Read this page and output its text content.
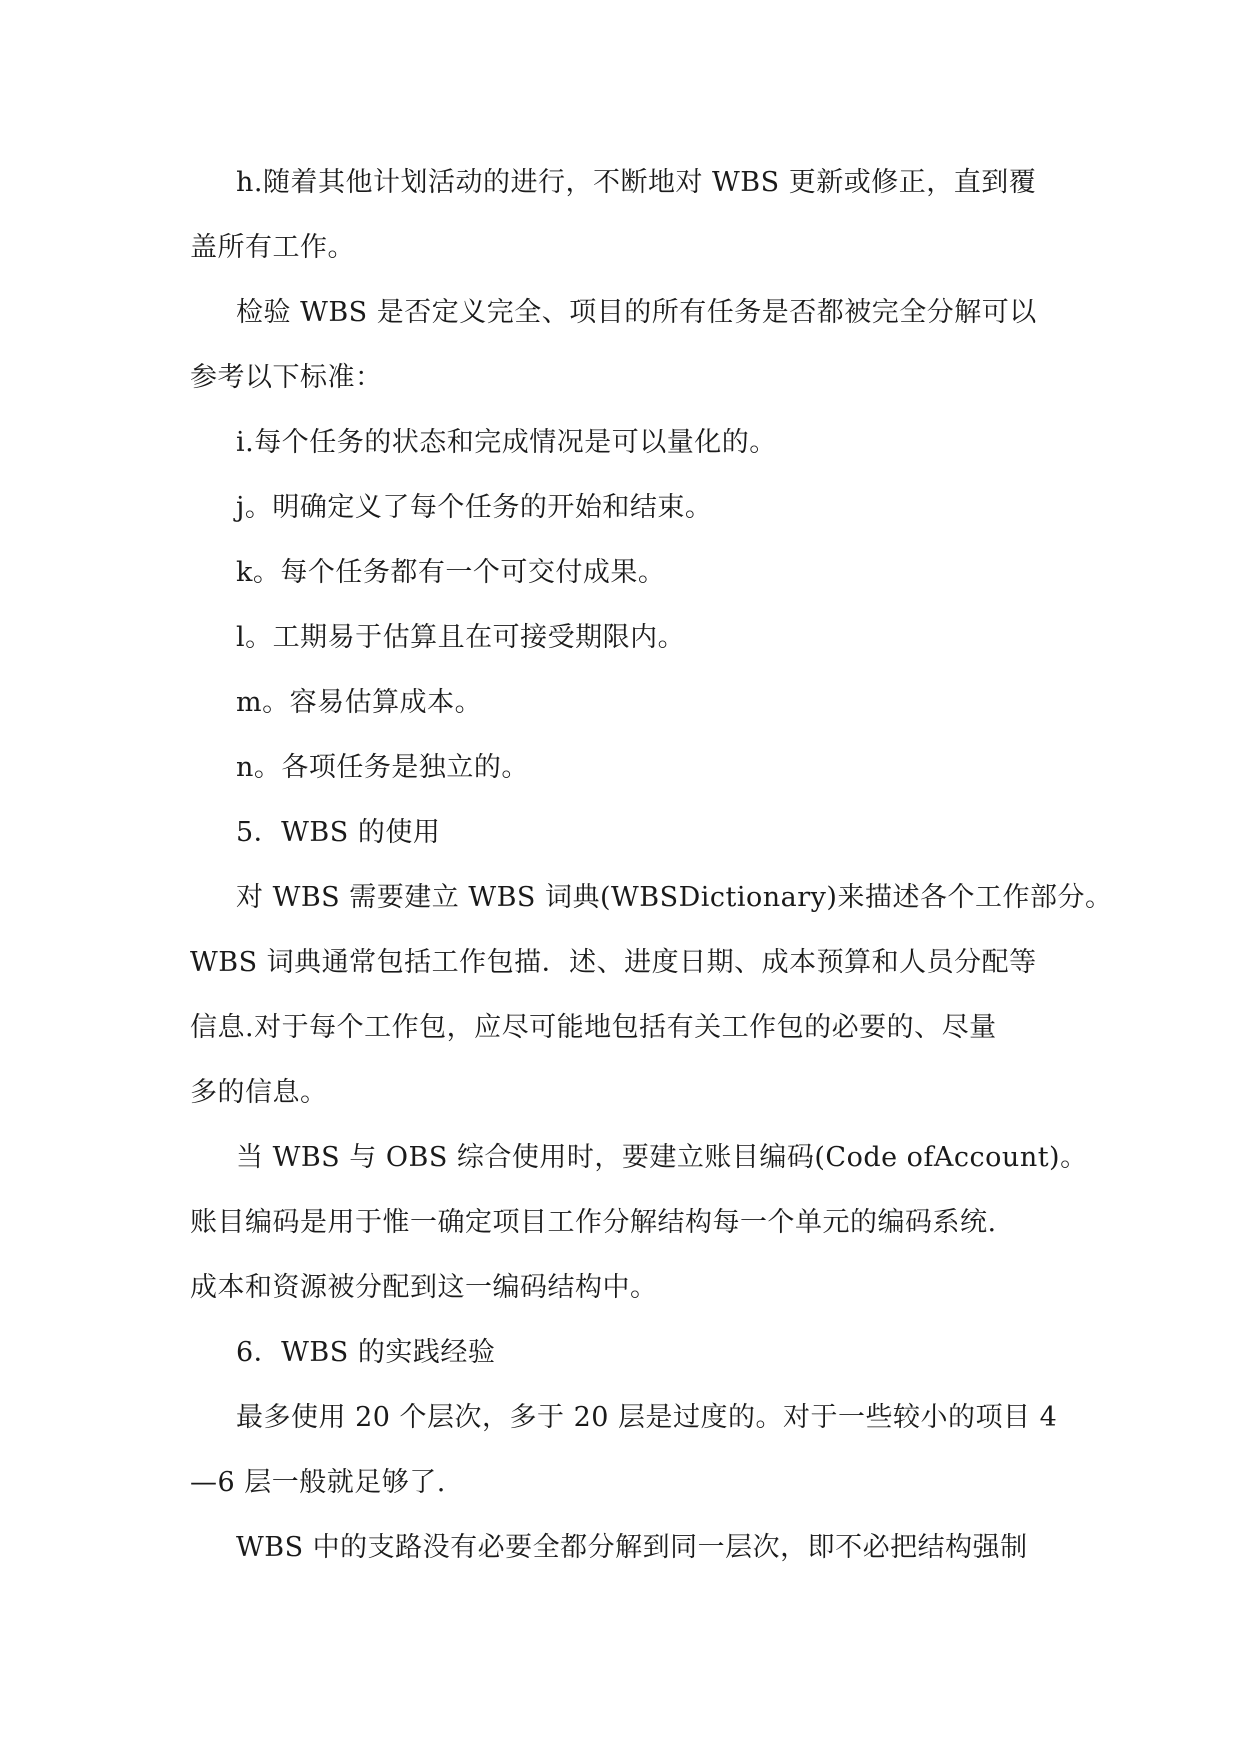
h.随着其他计划活动的进行，不断地对 WBS 更新或修正，直到覆
盖所有工作。
检验 WBS 是否定义完全、项目的所有任务是否都被完全分解可以
参考以下标准：
i.每个任务的状态和完成情况是可以量化的。
j。明确定义了每个任务的开始和结束。
k。每个任务都有一个可交付成果。
l。工期易于估算且在可接受期限内。
m。容易估算成本。
n。各项任务是独立的。
5．WBS 的使用
对 WBS 需要建立 WBS 词典(WBSDictionary)来描述各个工作部分。
WBS 词典通常包括工作包描．述、进度日期、成本预算和人员分配等
信息.对于每个工作包，应尽可能地包括有关工作包的必要的、尽量
多的信息。
当 WBS 与 OBS 综合使用时，要建立账目编码(Code ofAccount)。
账目编码是用于惟一确定项目工作分解结构每一个单元的编码系统.
成本和资源被分配到这一编码结构中。
6．WBS 的实践经验
最多使用 20 个层次，多于 20 层是过度的。对于一些较小的项目 4
—6 层一般就足够了.
WBS 中的支路没有必要全都分解到同一层次，即不必把结构强制
